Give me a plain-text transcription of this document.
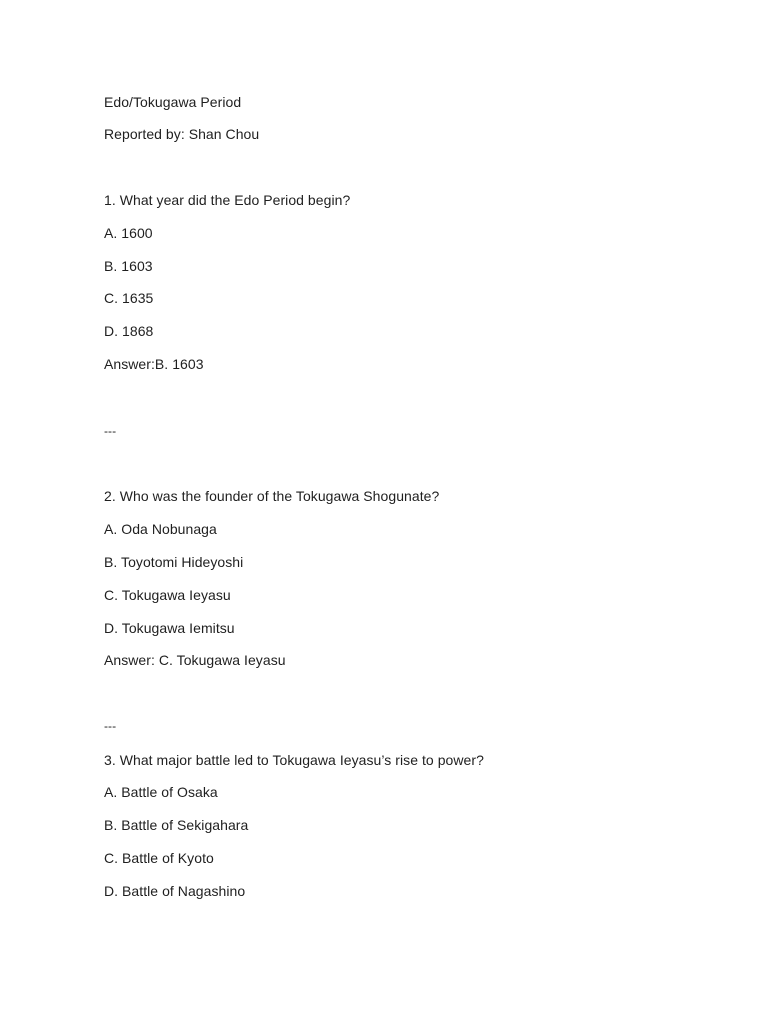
Edo/Tokugawa Period
Reported by: Shan Chou
1. What year did the Edo Period begin?
A. 1600
B. 1603
C. 1635
D. 1868
Answer:B. 1603
---
2. Who was the founder of the Tokugawa Shogunate?
A. Oda Nobunaga
B. Toyotomi Hideyoshi
C. Tokugawa Ieyasu
D. Tokugawa Iemitsu
Answer: C. Tokugawa Ieyasu
---
3. What major battle led to Tokugawa Ieyasu’s rise to power?
A. Battle of Osaka
B. Battle of Sekigahara
C. Battle of Kyoto
D. Battle of Nagashino
